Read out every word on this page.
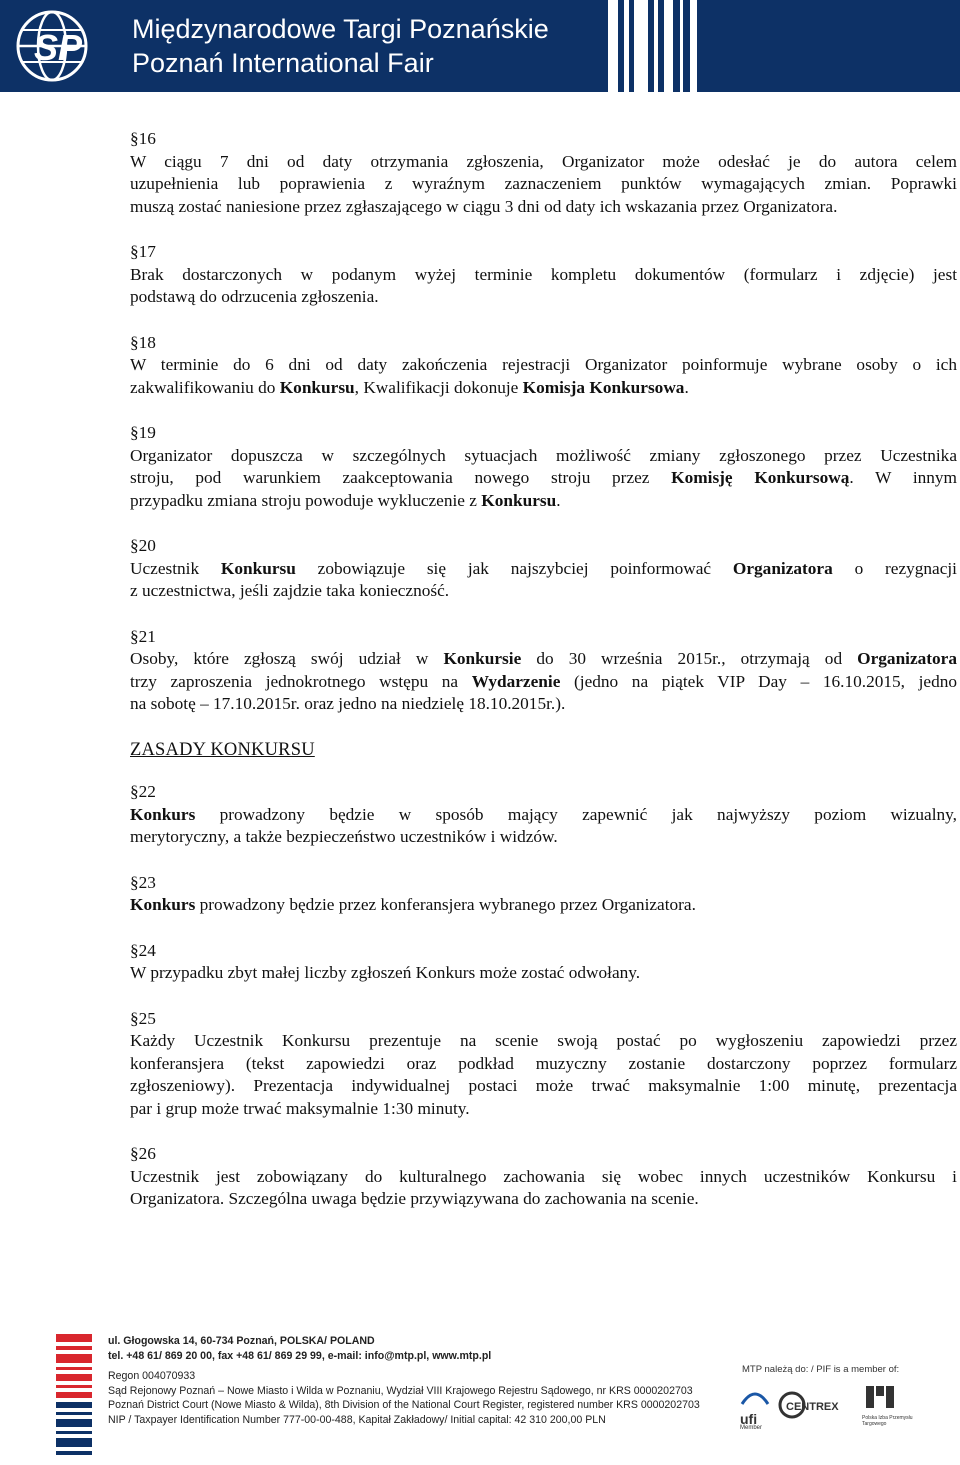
SP Międzynarodowe Targi Poznańskie
Poznań International Fair
§16
W ciągu 7 dni od daty otrzymania zgłoszenia, Organizator może odesłać je do autora celem
uzupełnienia lub poprawienia z wyraźnym zaznaczeniem punktów wymagających zmian. Poprawki
muszą zostać naniesione przez zgłaszającego w ciągu 3 dni od daty ich wskazania przez Organizatora.
§17
Brak dostarczonych w podanym wyżej terminie kompletu dokumentów (formularz i zdjęcie) jest
podstawą do odrzucenia zgłoszenia.
§18
W terminie do 6 dni od daty zakończenia rejestracji Organizator poinformuje wybrane osoby o ich
zakwalifikowaniu do Konkursu, Kwalifikacji dokonuje Komisja Konkursowa.
§19
Organizator dopuszcza w szczególnych sytuacjach możliwość zmiany zgłoszonego przez Uczestnika
stroju, pod warunkiem zaakceptowania nowego stroju przez Komisję Konkursową. W innym
przypadku zmiana stroju powoduje wykluczenie z Konkursu.
§20
Uczestnik Konkursu zobowiązuje się jak najszybciej poinformować Organizatora o rezygnacji
z uczestnictwa, jeśli zajdzie taka konieczność.
§21
Osoby, które zgłoszą swój udział w Konkursie do 30 września 2015r., otrzymają od Organizatora
trzy zaproszenia jednokrotnego wstępu na Wydarzenie (jedno na piątek VIP Day – 16.10.2015, jedno
na sobotę – 17.10.2015r. oraz jedno na niedzielę 18.10.2015r.).
ZASADY KONKURSU
§22
Konkurs prowadzony będzie w sposób mający zapewnić jak najwyższy poziom wizualny,
merytoryczny, a także bezpieczeństwo uczestników i widzów.
§23
Konkurs prowadzony będzie przez konferansjera wybranego przez Organizatora.
§24
W przypadku zbyt małej liczby zgłoszeń Konkurs może zostać odwołany.
§25
Każdy Uczestnik Konkursu prezentuje na scenie swoją postać po wygłoszeniu zapowiedzi przez
konferansjera (tekst zapowiedzi oraz podkład muzyczny zostanie dostarczony poprzez formularz
zgłoszeniowy). Prezentacja indywidualnej postaci może trwać maksymalnie 1:00 minutę, prezentacja
par i grup może trwać maksymalnie 1:30 minuty.
§26
Uczestnik jest zobowiązany do kulturalnego zachowania się wobec innych uczestników Konkursu i
Organizatora. Szczególna uwaga będzie przywiązywana do zachowania na scenie.
ul. Głogowska 14, 60-734 Poznań, POLSKA/ POLAND
tel. +48 61/ 869 20 00, fax +48 61/ 869 29 99, e-mail: info@mtp.pl, www.mtp.pl
Regon 004070933
Sąd Rejonowy Poznań – Nowe Miasto i Wilda w Poznaniu, Wydział VIII Krajowego Rejestru Sądowego, nr KRS 0000202703
Poznań District Court (Nowe Miasto & Wilda), 8th Division of the National Court Register, registered number KRS 0000202703
NIP / Taxpayer Identification Number 777-00-00-488, Kapitał Zakładowy/ Initial capital: 42 310 200,00 PLN
MTP należą do: / PIF is a member of:
ufi
Member
CENTREX
Polska Izba Przemysłu Targowego
